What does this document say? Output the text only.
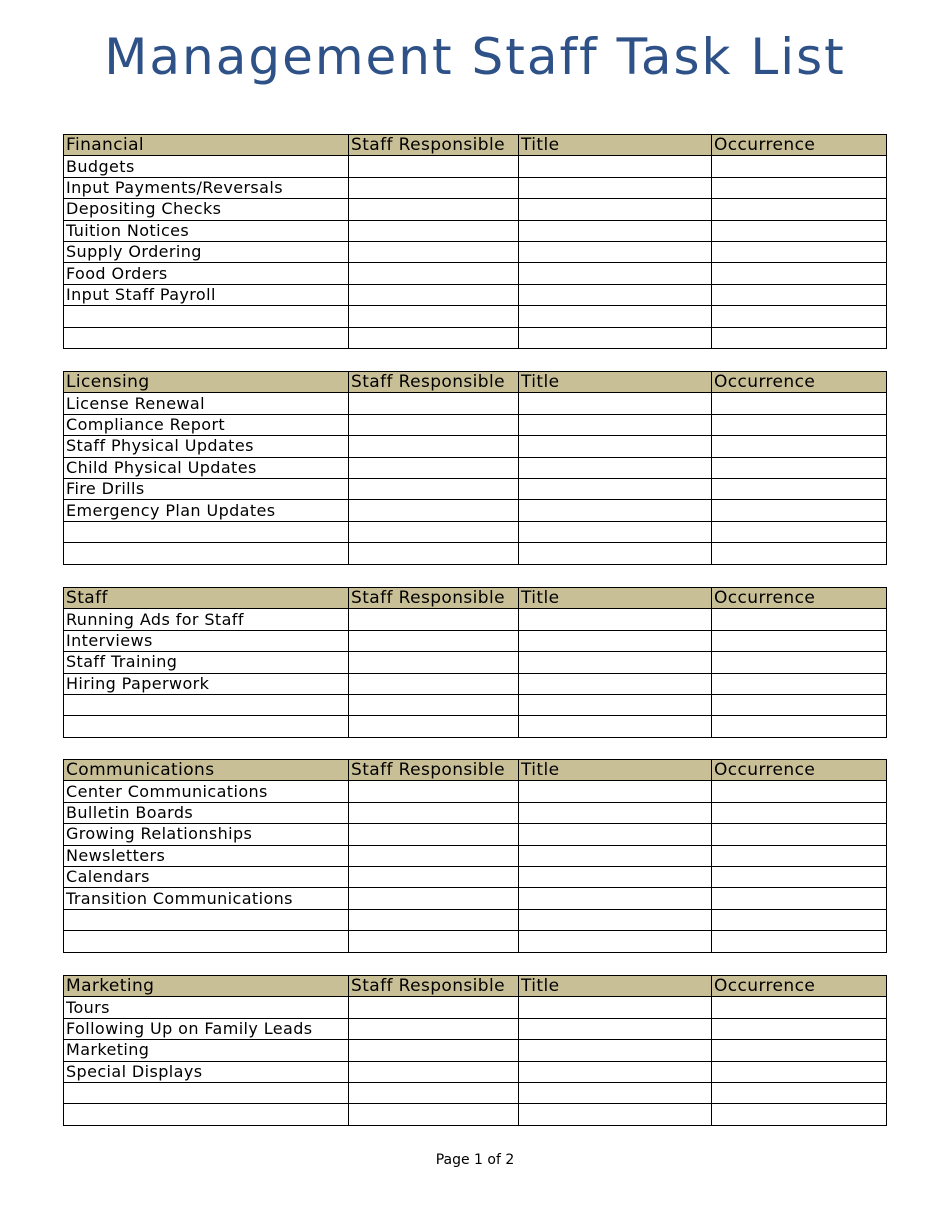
Management Staff Task List
Financial	Staff Responsible	Title	Occurrence
Budgets			
Input Payments/Reversals			
Depositing Checks			
Tuition Notices			
Supply Ordering			
Food Orders			
Input Staff Payroll			

Licensing	Staff Responsible	Title	Occurrence
License Renewal			
Compliance Report			
Staff Physical Updates			
Child Physical Updates			
Fire Drills			
Emergency Plan Updates			

Staff	Staff Responsible	Title	Occurrence
Running Ads for Staff			
Interviews			
Staff Training			
Hiring Paperwork			

Communications	Staff Responsible	Title	Occurrence
Center Communications			
Bulletin Boards			
Growing Relationships			
Newsletters			
Calendars			
Transition Communications			

Marketing	Staff Responsible	Title	Occurrence
Tours			
Following Up on Family Leads			
Marketing			
Special Displays			

Page 1 of 2
